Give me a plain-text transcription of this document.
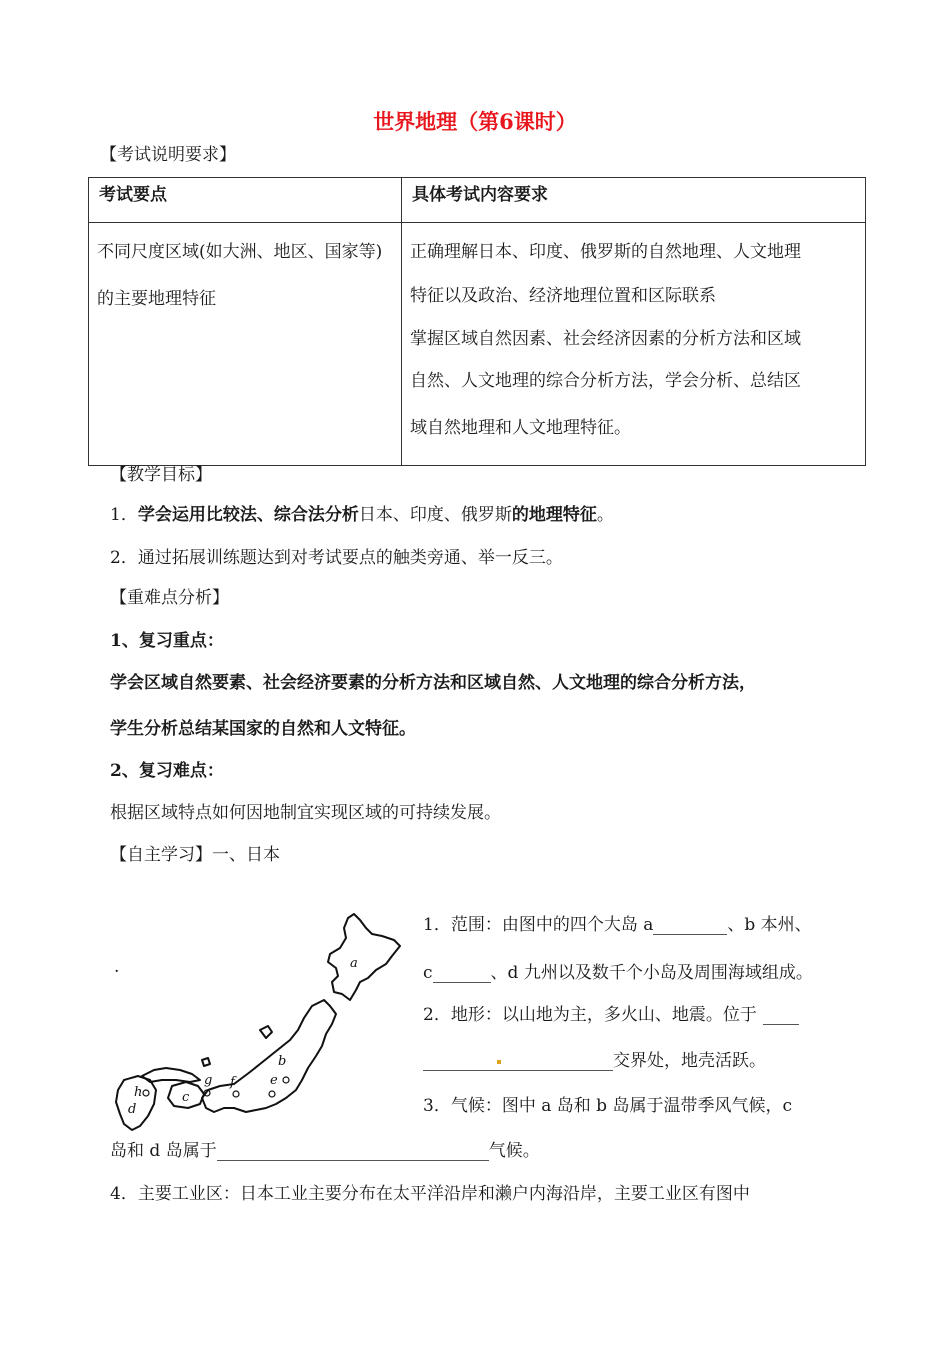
世界地理（第6课时）
【考试说明要求】
考试要点	具体考试内容要求
不同尺度区域(如大洲、地区、国家等)的主要地理特征	正确理解日本、印度、俄罗斯的自然地理、人文地理
特征以及政治、经济地理位置和区际联系
掌握区域自然因素、社会经济因素的分析方法和区域
自然、人文地理的综合分析方法，学会分析、总结区
域自然地理和人文地理特征。
【教学目标】
1．学会运用比较法、综合法分析日本、印度、俄罗斯的地理特征。
2．通过拓展训练题达到对考试要点的触类旁通、举一反三。
【重难点分析】
1、复习重点：
学会区域自然要素、社会经济要素的分析方法和区域自然、人文地理的综合分析方法，
学生分析总结某国家的自然和人文特征。
2、复习难点：
根据区域特点如何因地制宜实现区域的可持续发展。
【自主学习】一、日本
a
b
c
d
e
f
g
h
.
1．范围：由图中的四个大岛 a	、b 本州、
c	、d 九州以及数千个小岛及周围海域组成。
2．地形：以山地为主，多火山、地震。位于
交界处，地壳活跃。
3．气候：图中 a 岛和 b 岛属于温带季风气候，c
岛和 d 岛属于	气候。
4．主要工业区：日本工业主要分布在太平洋沿岸和濑户内海沿岸，主要工业区有图中
